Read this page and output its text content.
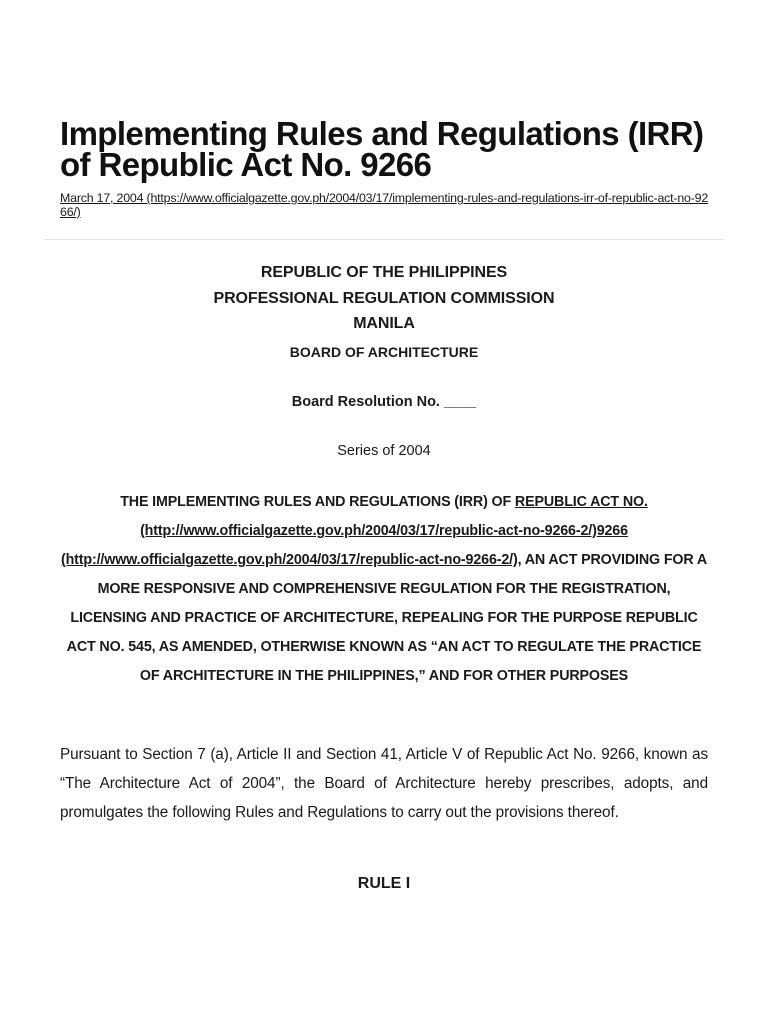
Implementing Rules and Regulations (IRR) of Republic Act No. 9266
March 17, 2004 (https://www.officialgazette.gov.ph/2004/03/17/implementing-rules-and-regulations-irr-of-republic-act-no-9266/)
REPUBLIC OF THE PHILIPPINES
PROFESSIONAL REGULATION COMMISSION
MANILA
BOARD OF ARCHITECTURE
Board Resolution No. ____
Series of 2004
THE IMPLEMENTING RULES AND REGULATIONS (IRR) OF REPUBLIC ACT NO. (http://www.officialgazette.gov.ph/2004/03/17/republic-act-no-9266-2/)9266 (http://www.officialgazette.gov.ph/2004/03/17/republic-act-no-9266-2/), AN ACT PROVIDING FOR A MORE RESPONSIVE AND COMPREHENSIVE REGULATION FOR THE REGISTRATION, LICENSING AND PRACTICE OF ARCHITECTURE, REPEALING FOR THE PURPOSE REPUBLIC ACT NO. 545, AS AMENDED, OTHERWISE KNOWN AS “AN ACT TO REGULATE THE PRACTICE OF ARCHITECTURE IN THE PHILIPPINES,” AND FOR OTHER PURPOSES

Pursuant to Section 7 (a), Article II and Section 41, Article V of Republic Act No. 9266, known as “The Architecture Act of 2004”, the Board of Architecture hereby prescribes, adopts, and promulgates the following Rules and Regulations to carry out the provisions thereof.

RULE I
